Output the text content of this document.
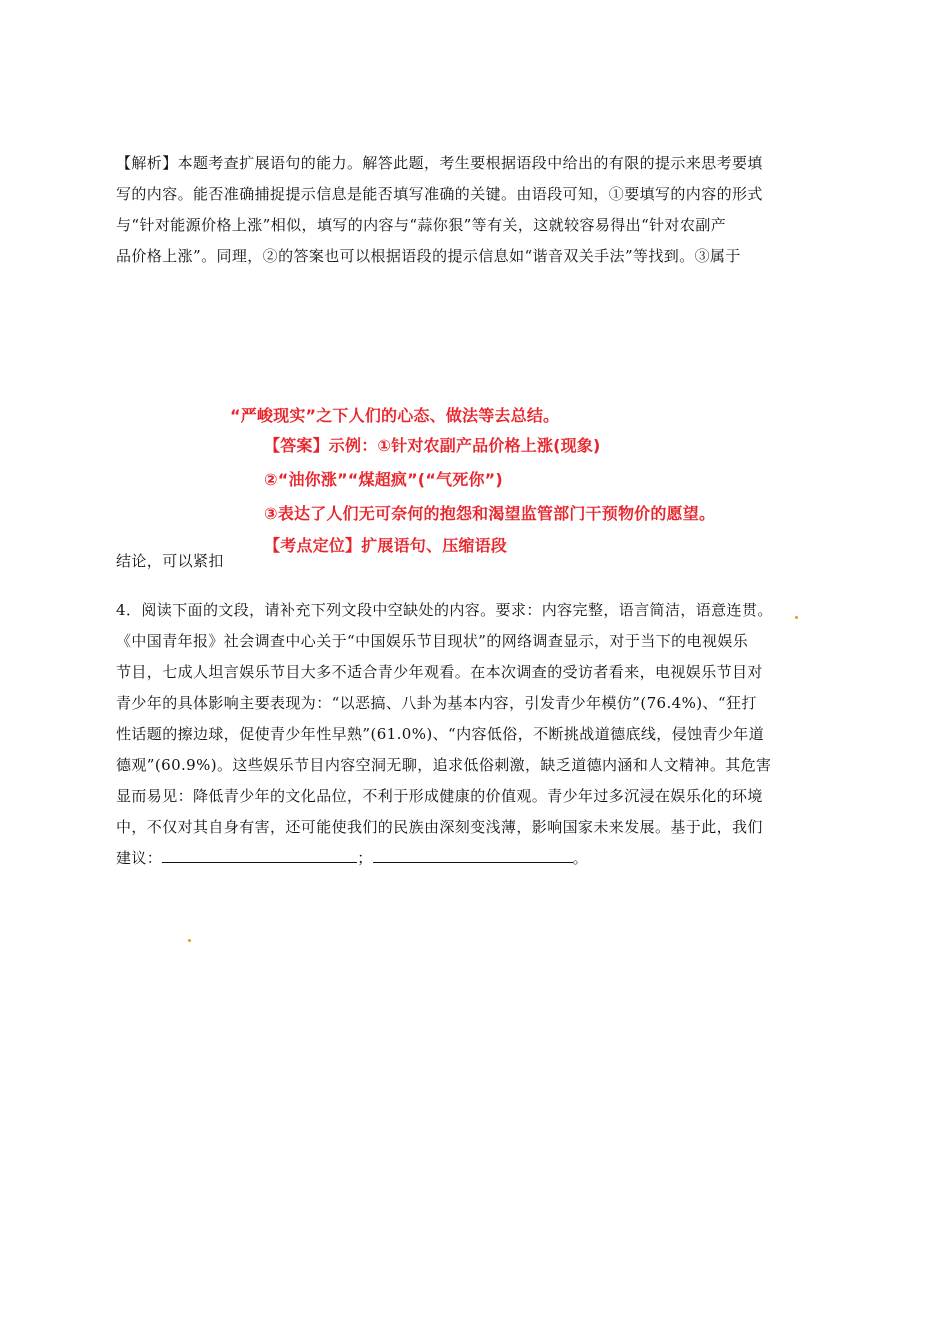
【解析】本题考查扩展语句的能力。解答此题，考生要根据语段中给出的有限的提示来思考要填
写的内容。能否准确捕捉提示信息是能否填写准确的关键。由语段可知，①要填写的内容的形式
与“针对能源价格上涨”相似，填写的内容与“蒜你狠”等有关，这就较容易得出“针对农副产
品价格上涨”。同理，②的答案也可以根据语段的提示信息如“谐音双关手法”等找到。③属于
“严峻现实”之下人们的心态、做法等去总结。
【答案】示例：①针对农副产品价格上涨(现象)
②“油你涨”“煤超疯”(“气死你”)
③表达了人们无可奈何的抱怨和渴望监管部门干预物价的愿望。
【考点定位】扩展语句、压缩语段

结论，可以紧扣

4．阅读下面的文段，请补充下列文段中空缺处的内容。要求：内容完整，语言简洁，语意连贯。
《中国青年报》社会调查中心关于“中国娱乐节目现状”的网络调查显示，对于当下的电视娱乐
节目，七成人坦言娱乐节目大多不适合青少年观看。在本次调查的受访者看来，电视娱乐节目对
青少年的具体影响主要表现为：“以恶搞、八卦为基本内容，引发青少年模仿”(76.4%)、“狂打
性话题的擦边球，促使青少年性早熟”(61.0%)、“内容低俗，不断挑战道德底线，侵蚀青少年道
德观”(60.9%)。这些娱乐节目内容空洞无聊，追求低俗刺激，缺乏道德内涵和人文精神。其危害
显而易见：降低青少年的文化品位，不利于形成健康的价值观。青少年过多沉浸在娱乐化的环境
中，不仅对其自身有害，还可能使我们的民族由深刻变浅薄，影响国家未来发展。基于此，我们
建议：	；	。
